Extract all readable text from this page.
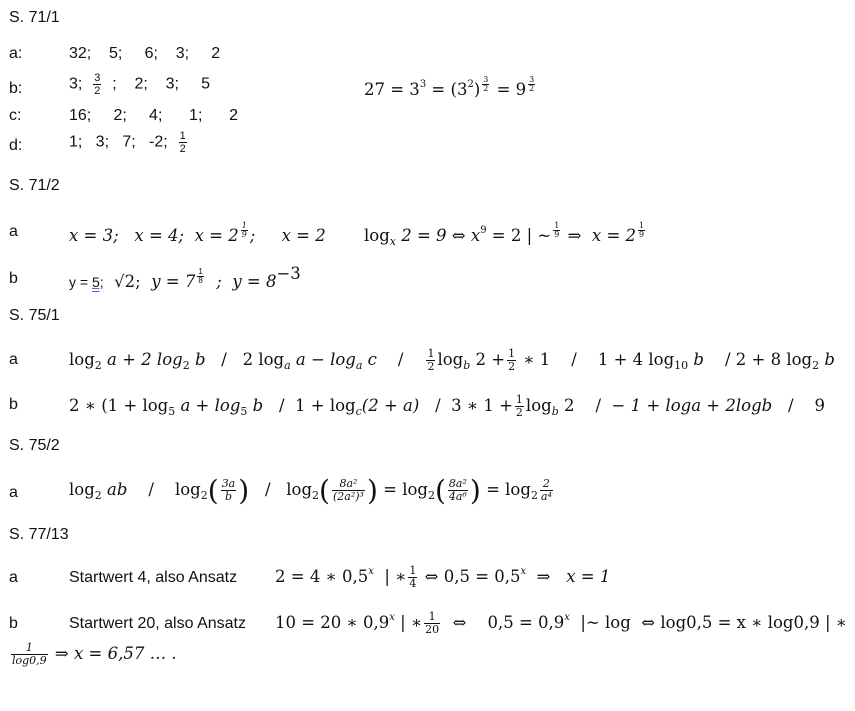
S. 71/1
a:	32;    5;     6;    3;     2
b:	3; $\frac{3}{2}$ ;    2;    3;     5	$27 = 3^3 = (3^2) ^{\frac{3}{2}} = 9$ $^{\frac{3}{2}}$
c:	16;     2;     4;      1;      2
d:	1;   3;   7;   -2; $\frac{1}{2}$
S. 71/2
a	x = 3;   x = 4;  x = 2 $^{\frac{1}{9}}$ ;     x = 2 $\log_x 2 = 9$ ⇔ $x^9 = 2$ | ~ $^{\frac{1}{9}}$ ⇒  x = 2 $^{\frac{1}{9}}$
b	y = 5;  √2;  y = 7 $^{\frac{1}{8}}$ ;  $y = 8^{-3}$
S. 75/1
a	$\log_2 a + 2$ $\log_2 b / 2$ $\log_a a - \log_a c / \frac{1}{2} \log_b 2 + \frac{1}{2}$ ∗ 1 / 1 + 4 $\log_{10} b / 2 + 8$ $\log_2 b$
b	2 ∗ ($1 + \log_5 a + \log_5 b / 1 + \log_c(2 + a) / 3$ ∗ $1 + \frac{1}{2} \log_b 2$ / − 1 + loga + 2logb / 9
S. 75/2
a	$\log_2$ ab / $\log_2( \frac{3a}{b}$ ) / $\log_2( \frac{\text{8a²}}{\text{(2a²)³}}$ ) = $\log_2( \frac{\text{8a²}}{\text{4a⁶}}$ ) = $\log_2 \frac{2}{\text{a⁴}}$
S. 77/13
a	Startwert 4, also Ansatz 2 = 4 ∗ 0,5$^x$  | ∗ $\frac{1}{4}$ ⇔ $0,5 = 0,5^x$  ⇒   x = 1
b	Startwert 20, also Ansatz 10 = 20 ∗ 0,9$^x$ | ∗ $\frac{1}{20}$ ⇔    $0,5 = 0,9^x$  |~ log  ⇔ log0,5 = x ∗ log0,9 | ∗
$\frac{1}{\log 0,9}$ ⇒ x = 6,57 … .
